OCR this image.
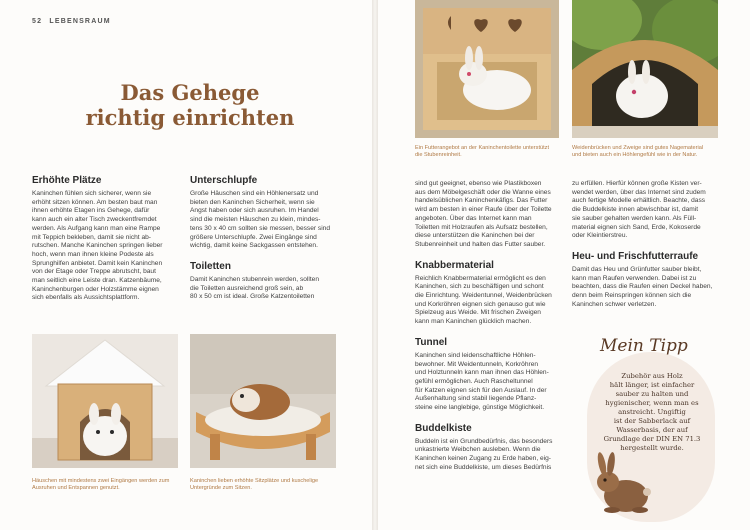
52 LEBENSRAUM
Das Gehege
richtig einrichten
Erhöhte Plätze
Kaninchen fühlen sich sicherer, wenn sie
erhöht sitzen können. Am besten baut man
ihnen erhöhte Etagen ins Gehege, dafür
kann auch ein alter Tisch zweckentfremdet
werden. Als Aufgang kann man eine Rampe
mit Teppich bekleben, damit sie nicht ab-
rutschen. Manche Kaninchen springen lieber
hoch, wenn man ihnen kleine Podeste als
Sprunghilfen anbietet. Damit kein Kaninchen
von der Etage oder Treppe abrutscht, baut
man seitlich eine Leiste dran. Katzenbäume,
Kaninchenburgen oder Holzstämme eignen
sich ebenfalls als Aussichtsplattform.
Unterschlupfe
Große Häuschen sind ein Höhlenersatz und
bieten den Kaninchen Sicherheit, wenn sie
Angst haben oder sich ausruhen. Im Handel
sind die meisten Häuschen zu klein, mindes-
tens 30 x 40 cm sollten sie messen, besser sind
größere Unterschlupfe. Zwei Eingänge sind
wichtig, damit keine Sackgassen entstehen.
Toiletten
Damit Kaninchen stubenrein werden, sollten
die Toiletten ausreichend groß sein, ab
80 x 50 cm ist ideal. Große Katzentoiletten
Häuschen mit mindestens zwei Eingängen werden zum
Ausruhen und Entspannen genutzt.
Kaninchen lieben erhöhte Sitzplätze und kuschelige
Untergründe zum Sitzen.
Ein Futterangebot an der Kaninchentoilette unterstützt
die Stubenreinheit.
Weidenbrücken und Zweige sind gutes Nagematerial
und bieten auch ein Höhlengefühl wie in der Natur.
sind gut geeignet, ebenso wie Plastikboxen
aus dem Möbelgeschäft oder die Wanne eines
handelsüblichen Kaninchenkäfigs. Das Futter
wird am besten in einer Raufe über der Toilette
angeboten. Über das Internet kann man
Toiletten mit Holzraufen als Aufsatz bestellen,
diese unterstützen die Kaninchen bei der
Stubenreinheit und halten das Futter sauber.
Knabbermaterial
Reichlich Knabbermaterial ermöglicht es den
Kaninchen, sich zu beschäftigen und schont
die Einrichtung. Weidentunnel, Weidenbrücken
und Korkröhren eignen sich genauso gut wie
Spielzeug aus Weide. Mit frischen Zweigen
kann man Kaninchen glücklich machen.
Tunnel
Kaninchen sind leidenschaftliche Höhlen-
bewohner. Mit Weidentunneln, Korkröhren
und Holztunneln kann man ihnen das Höhlen-
gefühl ermöglichen. Auch Rascheltunnel
für Katzen eignen sich für den Auslauf. In der
Außenhaltung sind stabil liegende Pflanz-
steine eine langlebige, günstige Möglichkeit.
Buddelkiste
Buddeln ist ein Grundbedürfnis, das besonders
unkastrierte Weibchen ausleben. Wenn die
Kaninchen keinen Zugang zu Erde haben, eig-
net sich eine Buddelkiste, um dieses Bedürfnis
zu erfüllen. Hierfür können große Kisten ver-
wendet werden, über das Internet sind zudem
auch fertige Modelle erhältlich. Beachte, dass
die Buddelkiste innen abwischbar ist, damit
sie sauber gehalten werden kann. Als Füll-
material eignen sich Sand, Erde, Kokoserde
oder Kleintierstreu.
Heu- und Frischfutterraufe
Damit das Heu und Grünfutter sauber bleibt,
kann man Raufen verwenden. Dabei ist zu
beachten, dass die Raufen einen Deckel haben,
denn beim Reinspringen können sich die
Kaninchen schwer verletzen.
Mein Tipp
Zubehör aus Holz
hält länger, ist einfacher
sauber zu halten und
hygienischer, wenn man es
anstreicht. Ungiftig
ist der Sabberlack auf
Wasserbasis, der auf
Grundlage der DIN EN 71.3
hergestellt wurde.
